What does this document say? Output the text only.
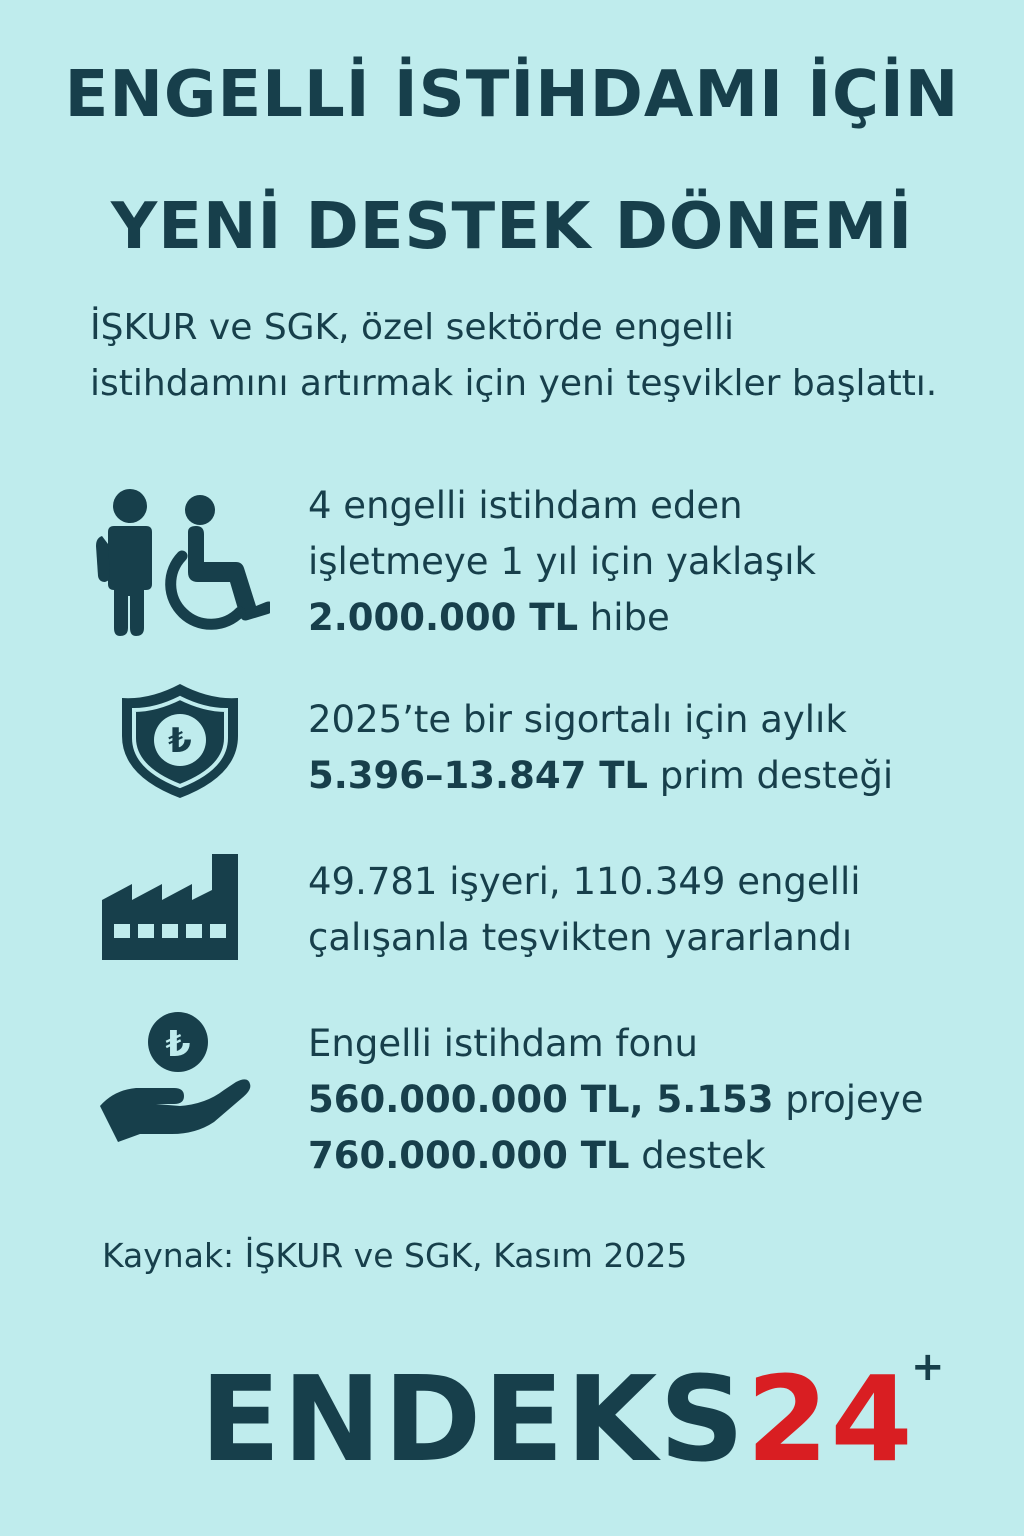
ENGELLİ İSTİHDAMI İÇİN
YENİ DESTEK DÖNEMİ

İŞKUR ve SGK, özel sektörde engelli
istihdamını artırmak için yeni teşvikler başlattı.

4 engelli istihdam eden
işletmeye 1 yıl için yaklaşık
2.000.000 TL hibe
₺	2025’te bir sigortalı için aylık
5.396–13.847 TL prim desteği
49.781 işyeri, 110.349 engelli
çalışanla teşvikten yararlandı
₺	Engelli istihdam fonu
560.000.000 TL, 5.153 projeye
760.000.000 TL destek
Kaynak: İŞKUR ve SGK, Kasım 2025
ENDEKS24
+
